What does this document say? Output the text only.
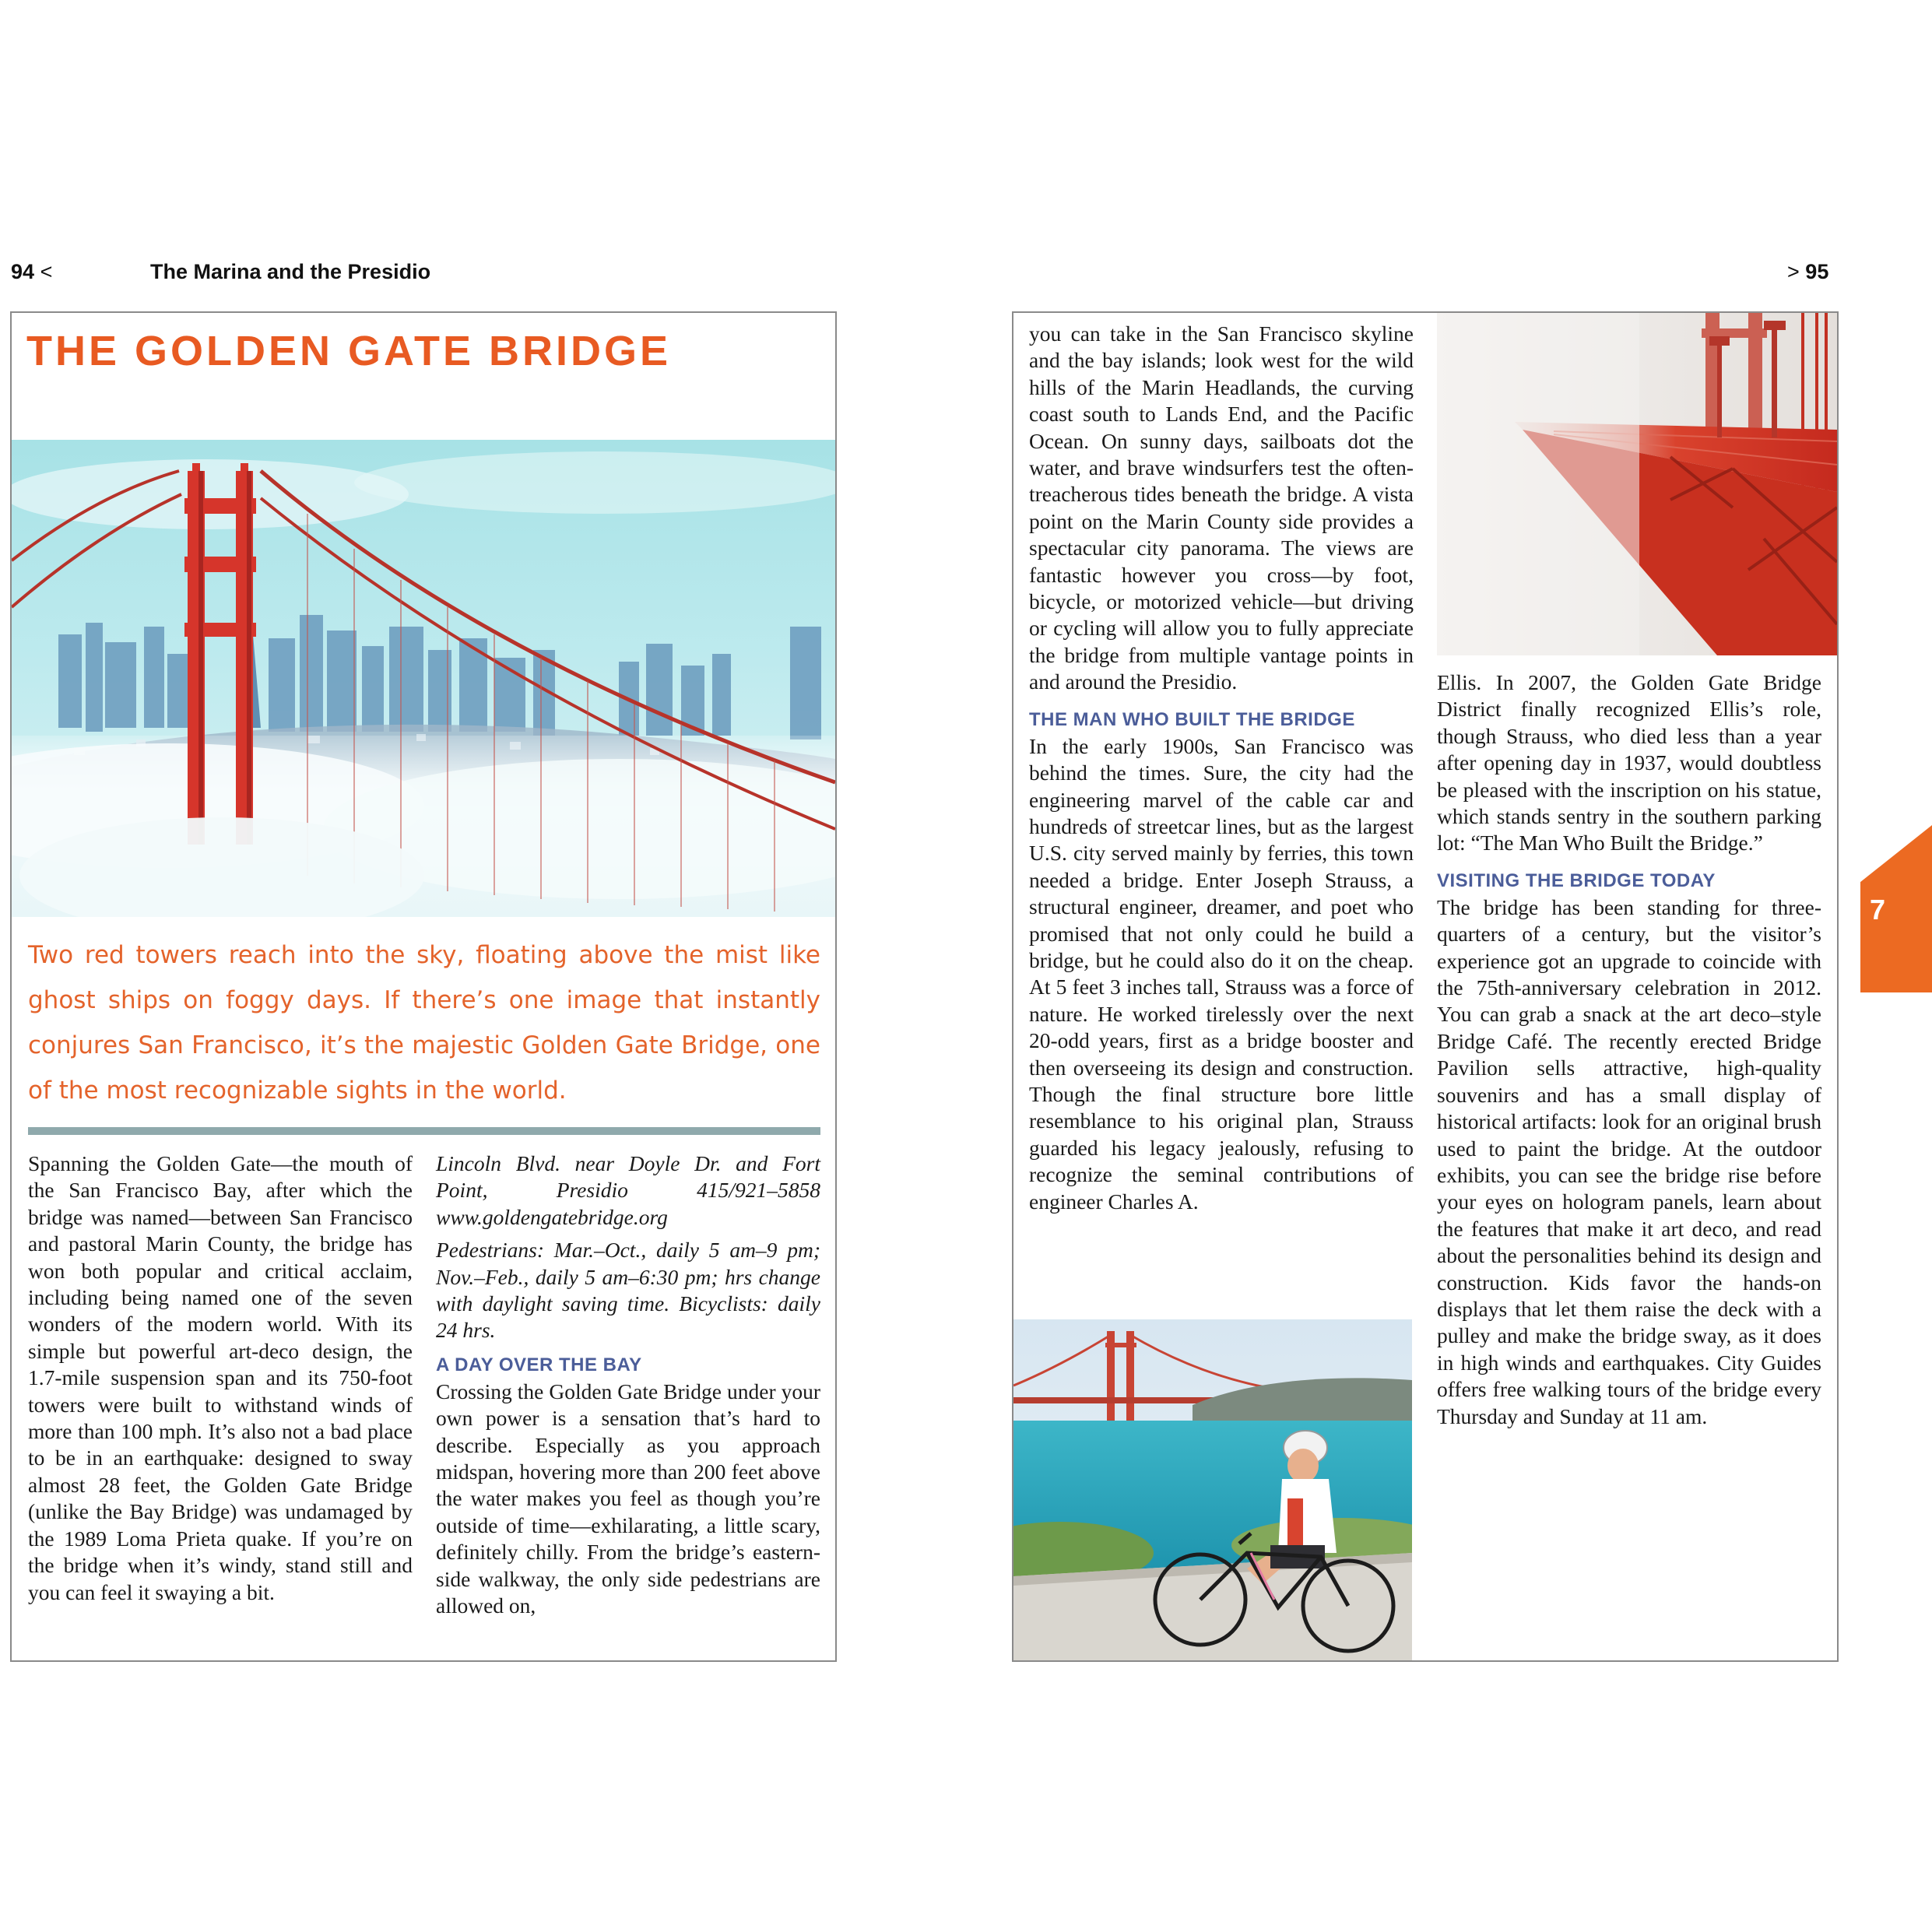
94 <	The Marina and the Presidio	> 95
THE GOLDEN GATE BRIDGE
Two red towers reach into the sky, floating above the mist like ghost ships on foggy days. If there’s one image that instantly conjures San Francisco, it’s the majestic Golden Gate Bridge, one of the most recognizable sights in the world.

Spanning the Golden Gate—the mouth of the San Francisco Bay, after which the bridge was named—between San Francisco and pastoral Marin County, the bridge has won both popular and critical acclaim, including being named one of the seven wonders of the modern world. With its simple but powerful art-deco design, the 1.7-mile suspension span and its 750-foot towers were built to withstand winds of more than 100 mph. It’s also not a bad place to be in an earthquake: designed to sway almost 28 feet, the Golden Gate Bridge (unlike the Bay Bridge) was undamaged by the 1989 Loma Prieta quake. If you’re on the bridge when it’s windy, stand still and you can feel it swaying a bit.

Lincoln Blvd. near Doyle Dr. and Fort Point, Presidio 415/921–5858 www.goldengatebridge.org

Pedestrians: Mar.–Oct., daily 5 am–9 pm; Nov.–Feb., daily 5 am–6:30 pm; hrs change with daylight saving time. Bicyclists: daily 24 hrs.

A DAY OVER THE BAY

Crossing the Golden Gate Bridge under your own power is a sensation that’s hard to describe. Especially as you approach midspan, hovering more than 200 feet above the water makes you feel as though you’re outside of time—exhilarating, a little scary, definitely chilly. From the bridge’s eastern-side walkway, the only side pedestrians are allowed on,

you can take in the San Francisco skyline and the bay islands; look west for the wild hills of the Marin Headlands, the curving coast south to Lands End, and the Pacific Ocean. On sunny days, sailboats dot the water, and brave windsurfers test the often-treacherous tides beneath the bridge. A vista point on the Marin County side provides a spectacular city panorama. The views are fantastic however you cross—by foot, bicycle, or motorized vehicle—but driving or cycling will allow you to fully appreciate the bridge from multiple vantage points in and around the Presidio.

THE MAN WHO BUILT THE BRIDGE

In the early 1900s, San Francisco was behind the times. Sure, the city had the engineering marvel of the cable car and hundreds of streetcar lines, but as the largest U.S. city served mainly by ferries, this town needed a bridge. Enter Joseph Strauss, a structural engineer, dreamer, and poet who promised that not only could he build a bridge, but he could also do it on the cheap. At 5 feet 3 inches tall, Strauss was a force of nature. He worked tirelessly over the next 20-odd years, first as a bridge booster and then overseeing its design and construction. Though the final structure bore little resemblance to his original plan, Strauss guarded his legacy jealously, refusing to recognize the seminal contributions of engineer Charles A.

Ellis. In 2007, the Golden Gate Bridge District finally recognized Ellis’s role, though Strauss, who died less than a year after opening day in 1937, would doubtless be pleased with the inscription on his statue, which stands sentry in the southern parking lot: “The Man Who Built the Bridge.”

VISITING THE BRIDGE TODAY

The bridge has been standing for three-quarters of a century, but the visitor’s experience got an upgrade to coincide with the 75th-anniversary celebration in 2012. You can grab a snack at the art deco–style Bridge Café. The recently erected Bridge Pavilion sells attractive, high-quality souvenirs and has a small display of historical artifacts: look for an original brush used to paint the bridge. At the outdoor exhibits, you can see the bridge rise before your eyes on hologram panels, learn about the features that make it art deco, and read about the personalities behind its design and construction. Kids favor the hands-on displays that let them raise the deck with a pulley and make the bridge sway, as it does in high winds and earthquakes. City Guides offers free walking tours of the bridge every Thursday and Sunday at 11 am.

7
